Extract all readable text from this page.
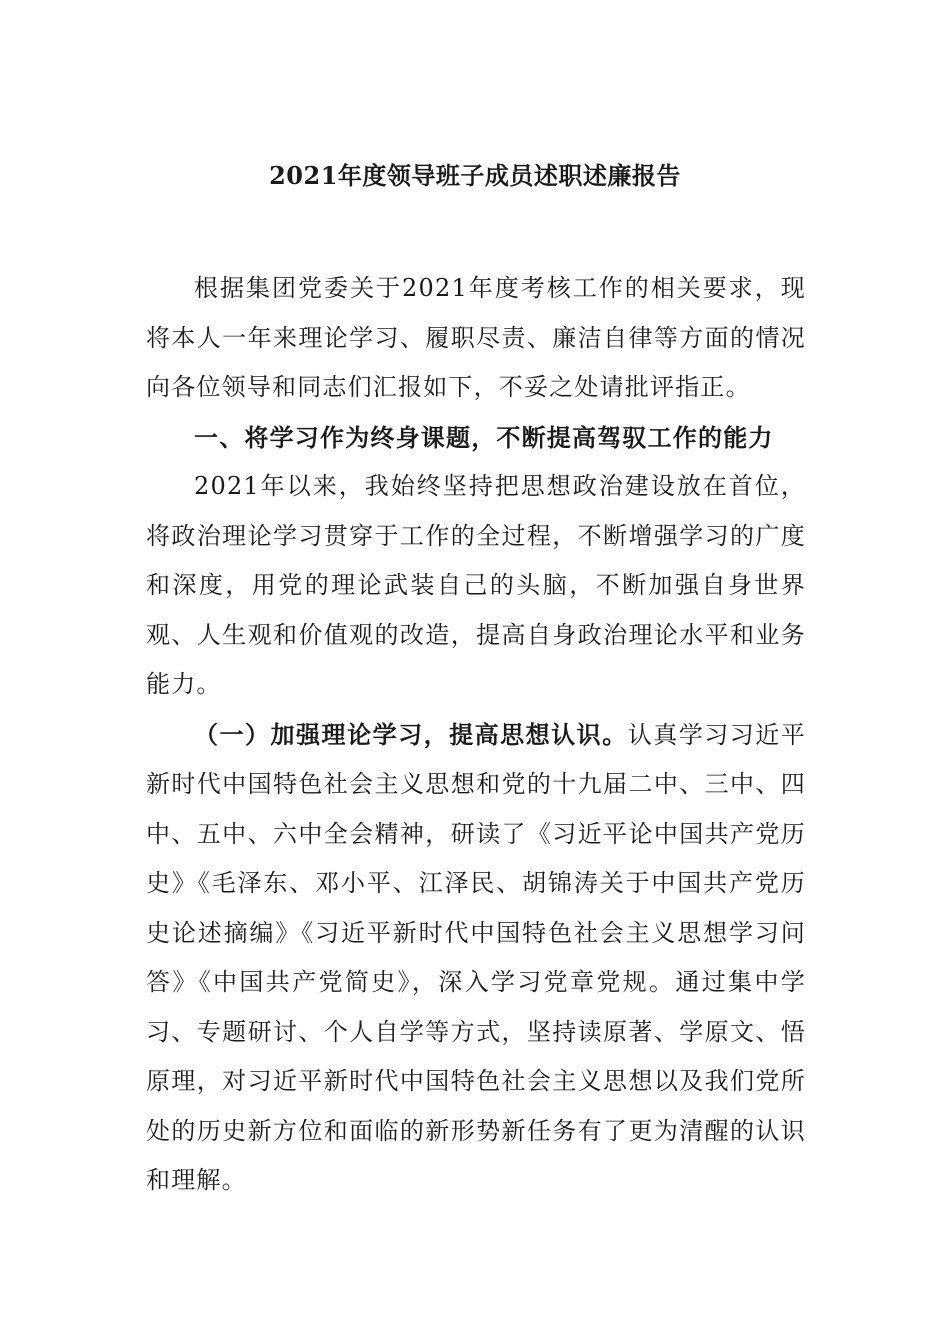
2021年度领导班子成员述职述廉报告

根据集团党委关于2021年度考核工作的相关要求，现将本人一年来理论学习、履职尽责、廉洁自律等方面的情况向各位领导和同志们汇报如下，不妥之处请批评指正。

一、将学习作为终身课题，不断提高驾驭工作的能力

2021年以来，我始终坚持把思想政治建设放在首位，将政治理论学习贯穿于工作的全过程，不断增强学习的广度和深度，用党的理论武装自己的头脑，不断加强自身世界观、人生观和价值观的改造，提高自身政治理论水平和业务能力。

（一）加强理论学习，提高思想认识。认真学习习近平新时代中国特色社会主义思想和党的十九届二中、三中、四中、五中、六中全会精神，研读了《习近平论中国共产党历史》《毛泽东、邓小平、江泽民、胡锦涛关于中国共产党历史论述摘编》《习近平新时代中国特色社会主义思想学习问答》《中国共产党简史》，深入学习党章党规。通过集中学习、专题研讨、个人自学等方式，坚持读原著、学原文、悟原理，对习近平新时代中国特色社会主义思想以及我们党所处的历史新方位和面临的新形势新任务有了更为清醒的认识和理解。
